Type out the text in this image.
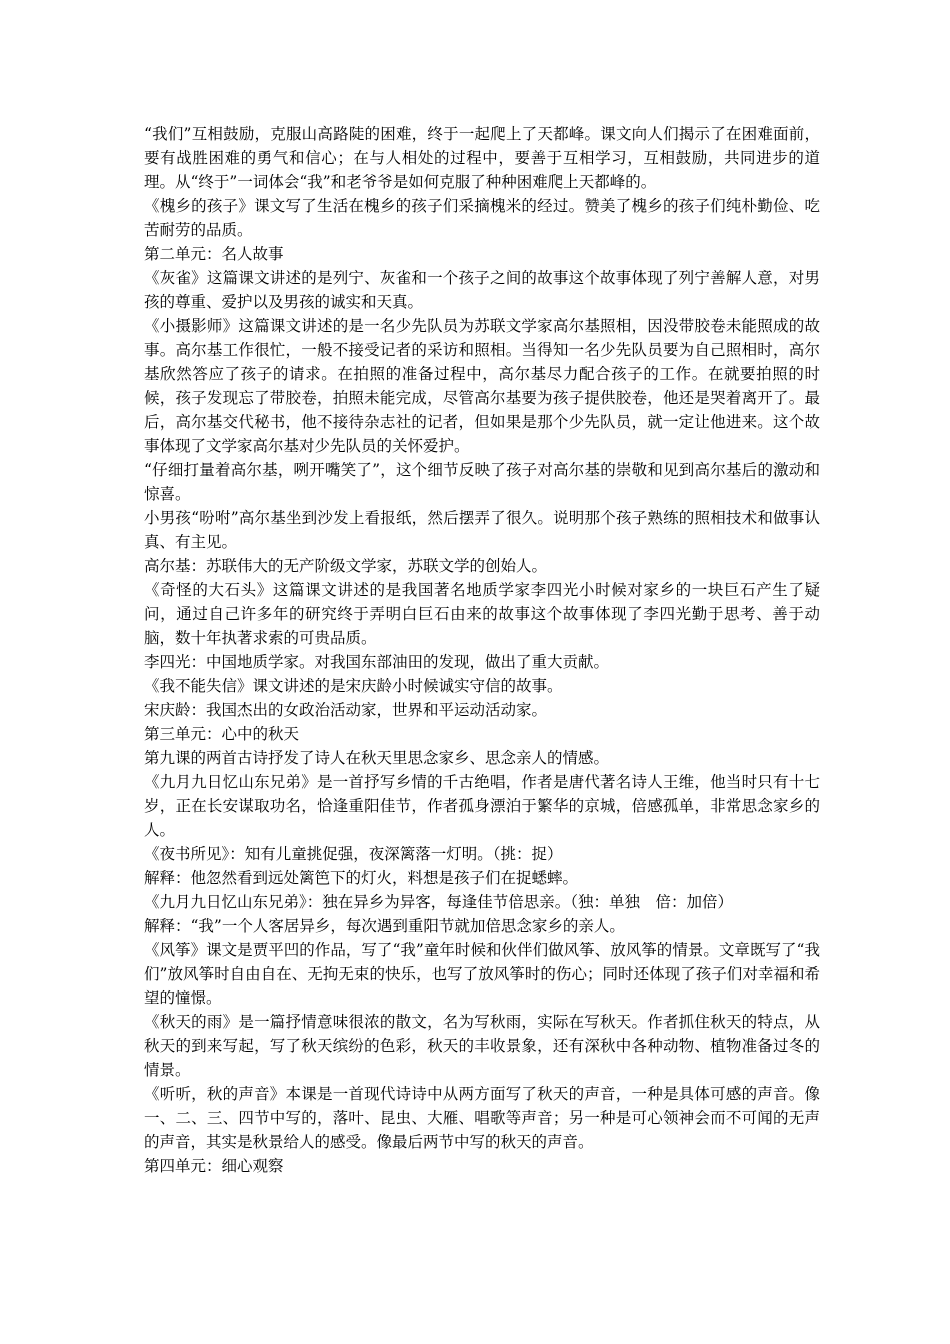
“我们”互相鼓励，克服山高路陡的困难，终于一起爬上了天都峰。课文向人们揭示了在困难面前，要有战胜困难的勇气和信心；在与人相处的过程中，要善于互相学习，互相鼓励，共同进步的道理。从“终于”一词体会“我”和老爷爷是如何克服了种种困难爬上天都峰的。

《槐乡的孩子》课文写了生活在槐乡的孩子们采摘槐米的经过。赞美了槐乡的孩子们纯朴勤俭、吃苦耐劳的品质。

第二单元：名人故事

《灰雀》这篇课文讲述的是列宁、灰雀和一个孩子之间的故事这个故事体现了列宁善解人意，对男孩的尊重、爱护以及男孩的诚实和天真。

《小摄影师》这篇课文讲述的是一名少先队员为苏联文学家高尔基照相，因没带胶卷未能照成的故事。高尔基工作很忙，一般不接受记者的采访和照相。当得知一名少先队员要为自己照相时，高尔基欣然答应了孩子的请求。在拍照的准备过程中，高尔基尽力配合孩子的工作。在就要拍照的时候，孩子发现忘了带胶卷，拍照未能完成，尽管高尔基要为孩子提供胶卷，他还是哭着离开了。最后，高尔基交代秘书，他不接待杂志社的记者，但如果是那个少先队员，就一定让他进来。这个故事体现了文学家高尔基对少先队员的关怀爱护。

“仔细打量着高尔基，咧开嘴笑了”，这个细节反映了孩子对高尔基的崇敬和见到高尔基后的激动和惊喜。

小男孩“吩咐”高尔基坐到沙发上看报纸，然后摆弄了很久。说明那个孩子熟练的照相技术和做事认真、有主见。

高尔基：苏联伟大的无产阶级文学家，苏联文学的创始人。

《奇怪的大石头》这篇课文讲述的是我国著名地质学家李四光小时候对家乡的一块巨石产生了疑问，通过自己许多年的研究终于弄明白巨石由来的故事这个故事体现了李四光勤于思考、善于动脑，数十年执著求索的可贵品质。

李四光：中国地质学家。对我国东部油田的发现，做出了重大贡献。

《我不能失信》课文讲述的是宋庆龄小时候诚实守信的故事。

宋庆龄：我国杰出的女政治活动家，世界和平运动活动家。

第三单元：心中的秋天

第九课的两首古诗抒发了诗人在秋天里思念家乡、思念亲人的情感。

《九月九日忆山东兄弟》是一首抒写乡情的千古绝唱，作者是唐代著名诗人王维，他当时只有十七岁，正在长安谋取功名，恰逢重阳佳节，作者孤身漂泊于繁华的京城，倍感孤单，非常思念家乡的人。

《夜书所见》：知有儿童挑促强，夜深篱落一灯明。（挑：捉）

解释：他忽然看到远处篱笆下的灯火，料想是孩子们在捉蟋蟀。

《九月九日忆山东兄弟》：独在异乡为异客，每逢佳节倍思亲。（独：单独　倍：加倍）

解释：“我”一个人客居异乡，每次遇到重阳节就加倍思念家乡的亲人。

《风筝》课文是贾平凹的作品，写了“我”童年时候和伙伴们做风筝、放风筝的情景。文章既写了“我们”放风筝时自由自在、无拘无束的快乐，也写了放风筝时的伤心；同时还体现了孩子们对幸福和希望的憧憬。

《秋天的雨》是一篇抒情意味很浓的散文，名为写秋雨，实际在写秋天。作者抓住秋天的特点，从秋天的到来写起，写了秋天缤纷的色彩，秋天的丰收景象，还有深秋中各种动物、植物准备过冬的情景。

《听听，秋的声音》本课是一首现代诗诗中从两方面写了秋天的声音，一种是具体可感的声音。像一、二、三、四节中写的，落叶、昆虫、大雁、唱歌等声音；另一种是可心领神会而不可闻的无声的声音，其实是秋景给人的感受。像最后两节中写的秋天的声音。

第四单元：细心观察
